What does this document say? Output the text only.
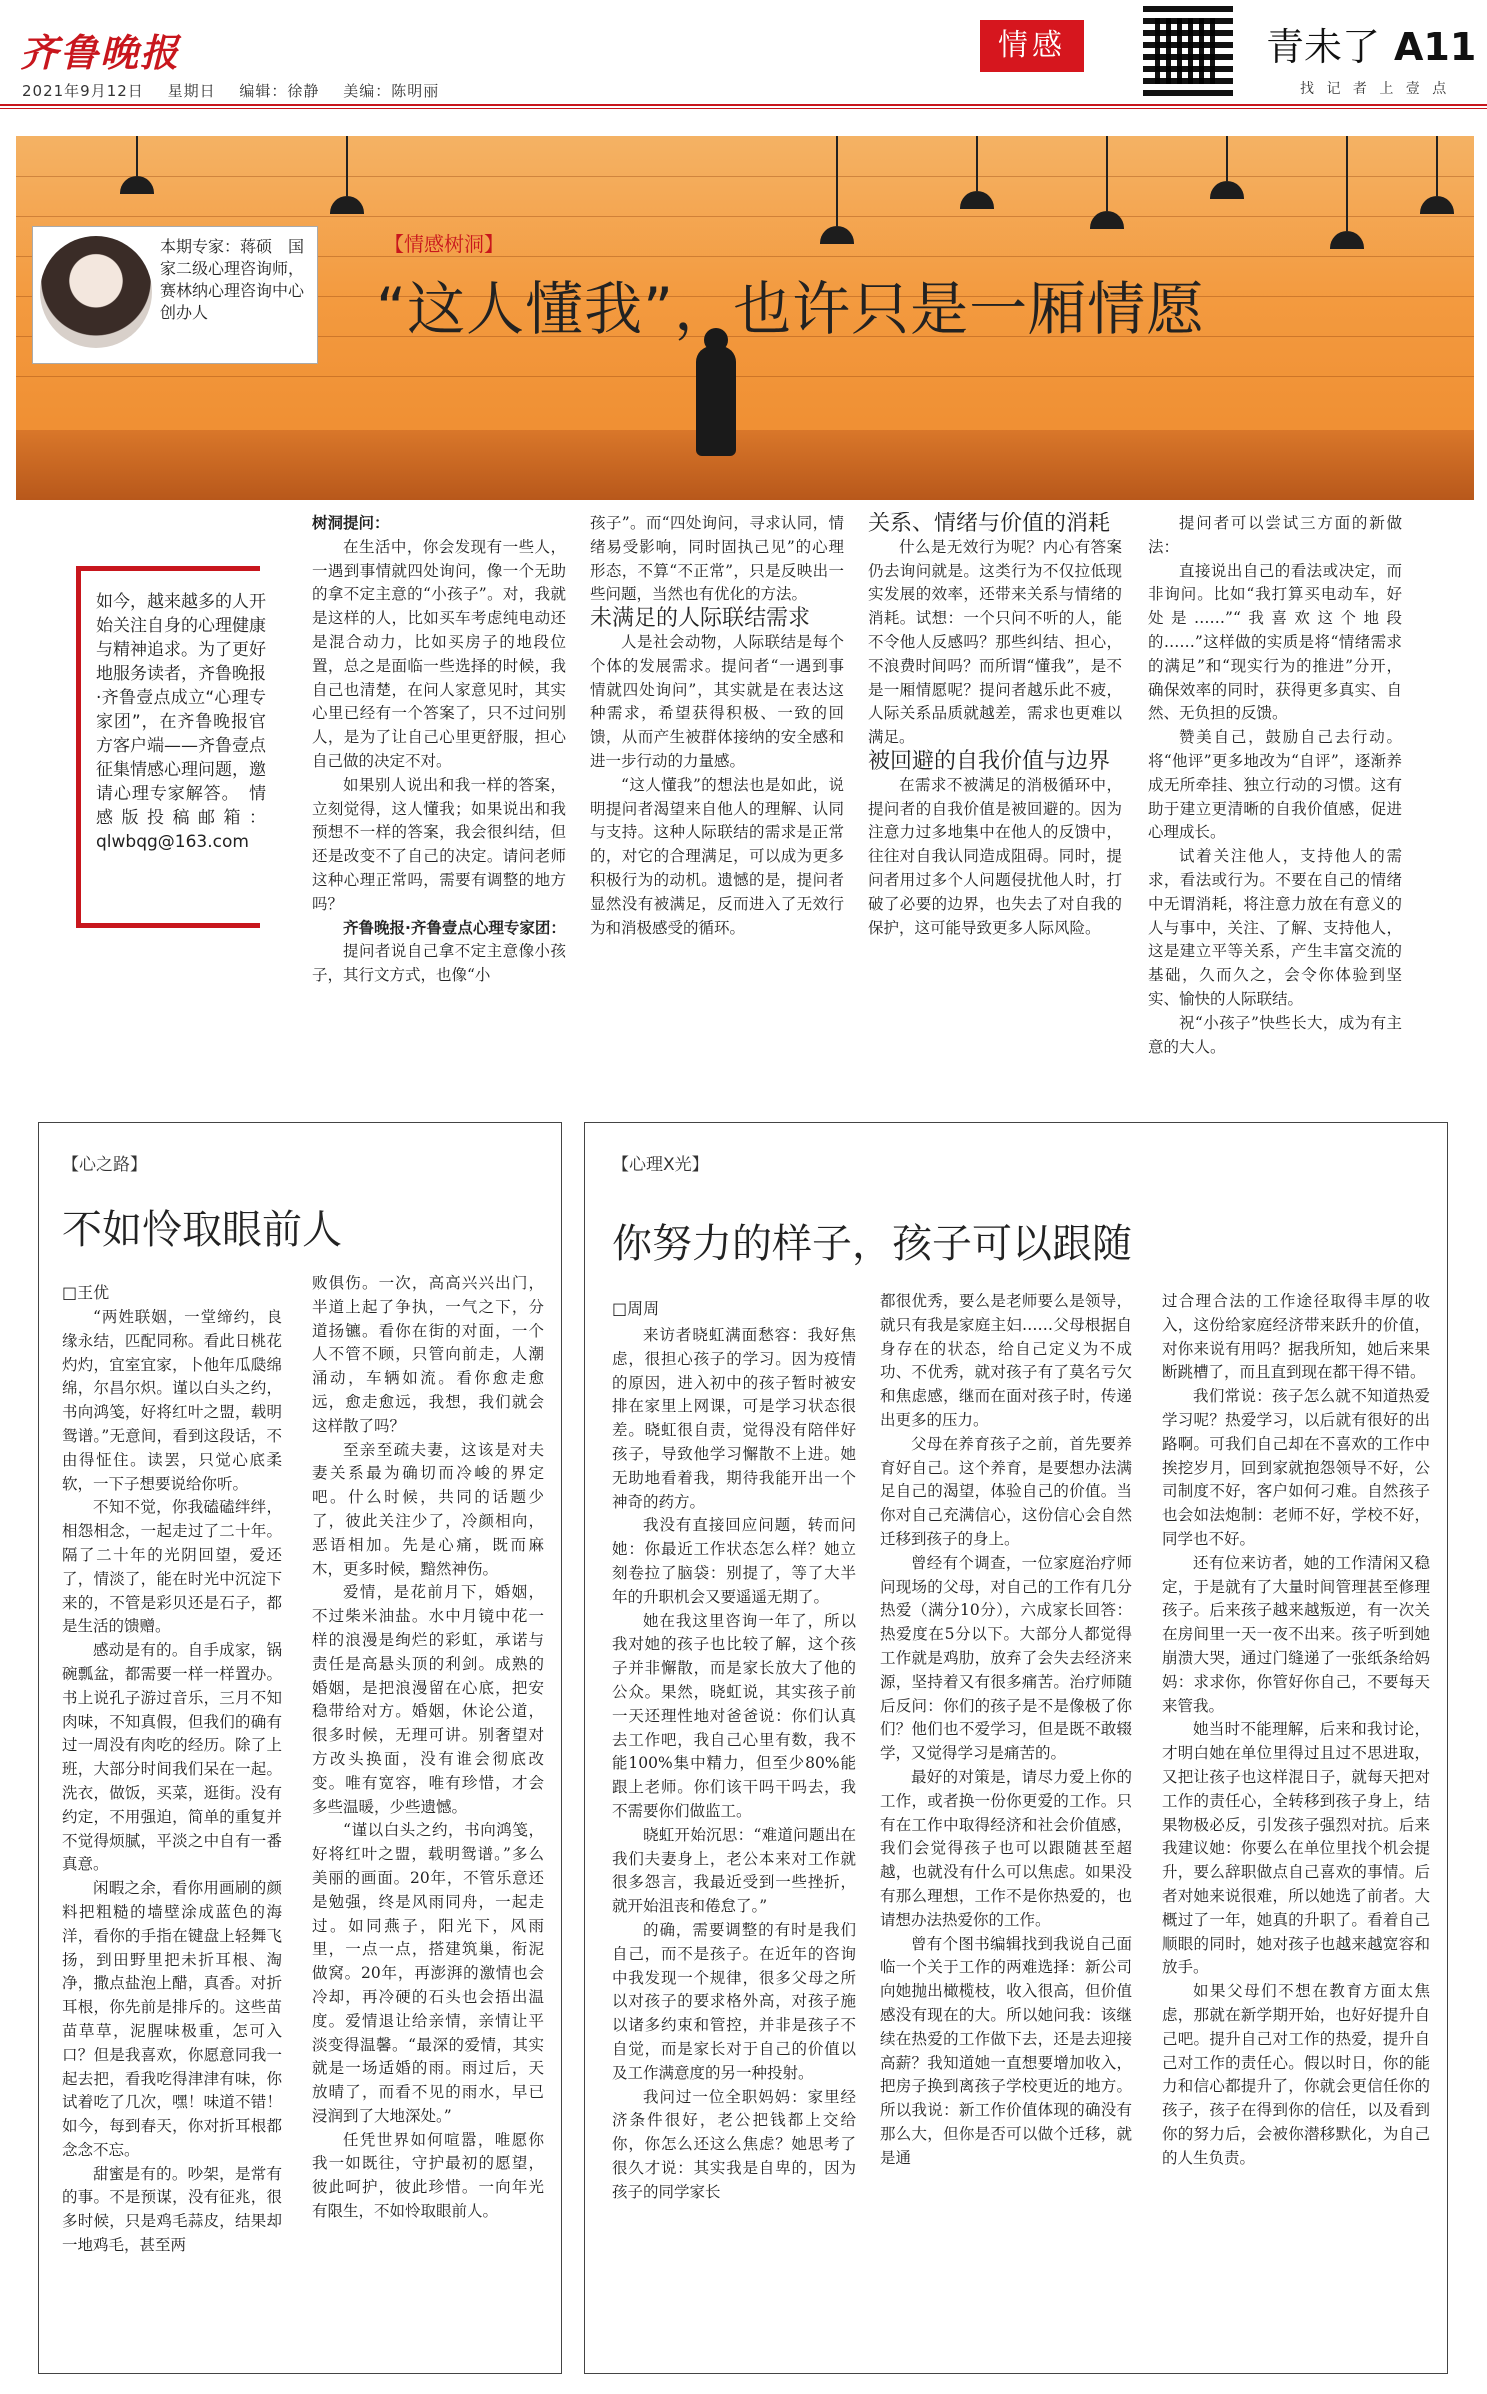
齐鲁晚报
2021年9月12日 星期日 编辑：徐静 美编：陈明丽
情感	青未了 A11
找 记 者 上 壹 点
本期专家：蒋硕　国家二级心理咨询师，赛林纳心理咨询中心创办人
【情感树洞】
“这人懂我”，也许只是一厢情愿
如今，越来越多的人开始关注自身的心理健康与精神追求。为了更好地服务读者，齐鲁晚报·齐鲁壹点成立“心理专家团”，在齐鲁晚报官方客户端——齐鲁壹点征集情感心理问题，邀请心理专家解答。　情感版投稿邮箱：qlwbqg@163.com

树洞提问：

在生活中，你会发现有一些人，一遇到事情就四处询问，像一个无助的拿不定主意的“小孩子”。对，我就是这样的人，比如买车考虑纯电动还是混合动力，比如买房子的地段位置，总之是面临一些选择的时候，我自己也清楚，在问人家意见时，其实心里已经有一个答案了，只不过问别人，是为了让自己心里更舒服，担心自己做的决定不对。

如果别人说出和我一样的答案，立刻觉得，这人懂我；如果说出和我预想不一样的答案，我会很纠结，但还是改变不了自己的决定。请问老师这种心理正常吗，需要有调整的地方吗？

　　齐鲁晚报·齐鲁壹点心理专家团：

提问者说自己拿不定主意像小孩子，其行文方式，也像“小

孩子”。而“四处询问，寻求认同，情绪易受影响，同时固执己见”的心理形态，不算“不正常”，只是反映出一些问题，当然也有优化的方法。

未满足的人际联结需求

人是社会动物，人际联结是每个个体的发展需求。提问者“一遇到事情就四处询问”，其实就是在表达这种需求，希望获得积极、一致的回馈，从而产生被群体接纳的安全感和进一步行动的力量感。

“这人懂我”的想法也是如此，说明提问者渴望来自他人的理解、认同与支持。这种人际联结的需求是正常的，对它的合理满足，可以成为更多积极行为的动机。遗憾的是，提问者显然没有被满足，反而进入了无效行为和消极感受的循环。

关系、情绪与价值的消耗

什么是无效行为呢？内心有答案仍去询问就是。这类行为不仅拉低现实发展的效率，还带来关系与情绪的消耗。试想：一个只问不听的人，能不令他人反感吗？那些纠结、担心，不浪费时间吗？而所谓“懂我”，是不是一厢情愿呢？提问者越乐此不疲，人际关系品质就越差，需求也更难以满足。

被回避的自我价值与边界

在需求不被满足的消极循环中，提问者的自我价值是被回避的。因为注意力过多地集中在他人的反馈中，往往对自我认同造成阻碍。同时，提问者用过多个人问题侵扰他人时，打破了必要的边界，也失去了对自我的保护，这可能导致更多人际风险。

提问者可以尝试三方面的新做法：

直接说出自己的看法或决定，而非询问。比如“我打算买电动车，好处是……”“我喜欢这个地段的……”这样做的实质是将“情绪需求的满足”和“现实行为的推进”分开，确保效率的同时，获得更多真实、自然、无负担的反馈。

赞美自己，鼓励自己去行动。将“他评”更多地改为“自评”，逐渐养成无所牵挂、独立行动的习惯。这有助于建立更清晰的自我价值感，促进心理成长。

试着关注他人，支持他人的需求，看法或行为。不要在自己的情绪中无谓消耗，将注意力放在有意义的人与事中，关注、了解、支持他人，这是建立平等关系，产生丰富交流的基础，久而久之，会令你体验到坚实、愉快的人际联结。

祝“小孩子”快些长大，成为有主意的大人。

【心之路】
不如怜取眼前人
□王优

“两姓联姻，一堂缔约，良缘永结，匹配同称。看此日桃花灼灼，宜室宜家，卜他年瓜瓞绵绵，尔昌尔炽。谨以白头之约，书向鸿笺，好将红叶之盟，载明鸳谱。”无意间，看到这段话，不由得怔住。读罢，只觉心底柔软，一下子想要说给你听。

不知不觉，你我磕磕绊绊，相怨相念，一起走过了二十年。隔了二十年的光阴回望，爱还了，情淡了，能在时光中沉淀下来的，不管是彩贝还是石子，都是生活的馈赠。

感动是有的。自手成家，锅碗瓢盆，都需要一样一样置办。书上说孔子游过音乐，三月不知肉味，不知真假，但我们的确有过一周没有肉吃的经历。除了上班，大部分时间我们呆在一起。洗衣，做饭，买菜，逛街。没有约定，不用强迫，简单的重复并不觉得烦腻，平淡之中自有一番真意。

闲暇之余，看你用画刷的颜料把粗糙的墙壁涂成蓝色的海洋，看你的手指在键盘上轻舞飞扬，到田野里把未折耳根、淘净，撒点盐泡上醋，真香。对折耳根，你先前是排斥的。这些苗苗草草，泥腥味极重，怎可入口？但是我喜欢，你愿意同我一起去把，看我吃得津津有味，你试着吃了几次，嘿！味道不错！如今，每到春天，你对折耳根都念念不忘。

甜蜜是有的。吵架，是常有的事。不是预谋，没有征兆，很多时候，只是鸡毛蒜皮，结果却一地鸡毛，甚至两

败俱伤。一次，高高兴兴出门，半道上起了争执，一气之下，分道扬镳。看你在街的对面，一个人不管不顾，只管向前走，人潮涌动，车辆如流。看你愈走愈远，愈走愈远，我想，我们就会这样散了吗？

至亲至疏夫妻，这该是对夫妻关系最为确切而冷峻的界定吧。什么时候，共同的话题少了，彼此关注少了，冷颜相向，恶语相加。先是心痛，既而麻木，更多时候，黯然神伤。

爱情，是花前月下，婚姻，不过柴米油盐。水中月镜中花一样的浪漫是绚烂的彩虹，承诺与责任是高悬头顶的利剑。成熟的婚姻，是把浪漫留在心底，把安稳带给对方。婚姻，休论公道，很多时候，无理可讲。别奢望对方改头换面，没有谁会彻底改变。唯有宽容，唯有珍惜，才会多些温暖，少些遗憾。

“谨以白头之约，书向鸿笺，好将红叶之盟，载明鸳谱。”多么美丽的画面。20年，不管乐意还是勉强，终是风雨同舟，一起走过。如同燕子，阳光下，风雨里，一点一点，搭建筑巢，衔泥做窝。20年，再澎湃的激情也会冷却，再冷硬的石头也会捂出温度。爱情退让给亲情，亲情让平淡变得温馨。“最深的爱情，其实就是一场适婚的雨。雨过后，天放晴了，而看不见的雨水，早已浸润到了大地深处。”

任凭世界如何喧嚣，唯愿你我一如既往，守护最初的愿望，彼此呵护，彼此珍惜。一向年光有限生，不如怜取眼前人。

【心理X光】
你努力的样子，孩子可以跟随
□周周

来访者晓虹满面愁容：我好焦虑，很担心孩子的学习。因为疫情的原因，进入初中的孩子暂时被安排在家里上网课，可是学习状态很差。晓虹很自责，觉得没有陪伴好孩子，导致他学习懈散不上进。她无助地看着我，期待我能开出一个神奇的药方。

我没有直接回应问题，转而问她：你最近工作状态怎么样？她立刻卷拉了脑袋：别提了，等了大半年的升职机会又要遥遥无期了。

她在我这里咨询一年了，所以我对她的孩子也比较了解，这个孩子并非懈散，而是家长放大了他的公众。果然，晓虹说，其实孩子前一天还理性地对爸爸说：你们认真去工作吧，我自己心里有数，我不能100%集中精力，但至少80%能跟上老师。你们该干吗干吗去，我不需要你们做监工。

晓虹开始沉思：“难道问题出在我们夫妻身上，老公本来对工作就很多怨言，我最近受到一些挫折，就开始沮丧和倦怠了。”

的确，需要调整的有时是我们自己，而不是孩子。在近年的咨询中我发现一个规律，很多父母之所以对孩子的要求格外高，对孩子施以诸多约束和管控，并非是孩子不自觉，而是家长对于自己的价值以及工作满意度的另一种投射。

我问过一位全职妈妈：家里经济条件很好，老公把钱都上交给你，你怎么还这么焦虑？她思考了很久才说：其实我是自卑的，因为孩子的同学家长

都很优秀，要么是老师要么是领导，就只有我是家庭主妇……父母根据自身存在的状态，给自己定义为不成功、不优秀，就对孩子有了莫名亏欠和焦虑感，继而在面对孩子时，传递出更多的压力。

父母在养育孩子之前，首先要养育好自己。这个养育，是要想办法满足自己的渴望，体验自己的价值。当你对自己充满信心，这份信心会自然迁移到孩子的身上。

曾经有个调查，一位家庭治疗师问现场的父母，对自己的工作有几分热爱（满分10分），六成家长回答：热爱度在5分以下。大部分人都觉得工作就是鸡肋，放弃了会失去经济来源，坚持着又有很多痛苦。治疗师随后反问：你们的孩子是不是像极了你们？他们也不爱学习，但是既不敢辍学，又觉得学习是痛苦的。

最好的对策是，请尽力爱上你的工作，或者换一份你更爱的工作。只有在工作中取得经济和社会价值感，我们会觉得孩子也可以跟随甚至超越，也就没有什么可以焦虑。如果没有那么理想，工作不是你热爱的，也请想办法热爱你的工作。

曾有个图书编辑找到我说自己面临一个关于工作的两难选择：新公司向她抛出橄榄枝，收入很高，但价值感没有现在的大。所以她问我：该继续在热爱的工作做下去，还是去迎接高薪？我知道她一直想要增加收入，把房子换到离孩子学校更近的地方。所以我说：新工作价值体现的确没有那么大，但你是否可以做个迁移，就是通

过合理合法的工作途径取得丰厚的收入，这份给家庭经济带来跃升的价值，对你来说有用吗？据我所知，她后来果断跳槽了，而且直到现在都干得不错。

我们常说：孩子怎么就不知道热爱学习呢？热爱学习，以后就有很好的出路啊。可我们自己却在不喜欢的工作中挨挖岁月，回到家就抱怨领导不好，公司制度不好，客户如何刁难。自然孩子也会如法炮制：老师不好，学校不好，同学也不好。

还有位来访者，她的工作清闲又稳定，于是就有了大量时间管理甚至修理孩子。后来孩子越来越叛逆，有一次关在房间里一天一夜不出来。孩子听到她崩溃大哭，通过门缝递了一张纸条给妈妈：求求你，你管好你自己，不要每天来管我。

她当时不能理解，后来和我讨论，才明白她在单位里得过且过不思进取，又把让孩子也这样混日子，就每天把对工作的责任心，全转移到孩子身上，结果物极必反，引发孩子强烈对抗。后来我建议她：你要么在单位里找个机会提升，要么辞职做点自己喜欢的事情。后者对她来说很难，所以她选了前者。大概过了一年，她真的升职了。看着自己顺眼的同时，她对孩子也越来越宽容和放手。

如果父母们不想在教育方面太焦虑，那就在新学期开始，也好好提升自己吧。提升自己对工作的热爱，提升自己对工作的责任心。假以时日，你的能力和信心都提升了，你就会更信任你的孩子，孩子在得到你的信任，以及看到你的努力后，会被你潜移默化，为自己的人生负责。
